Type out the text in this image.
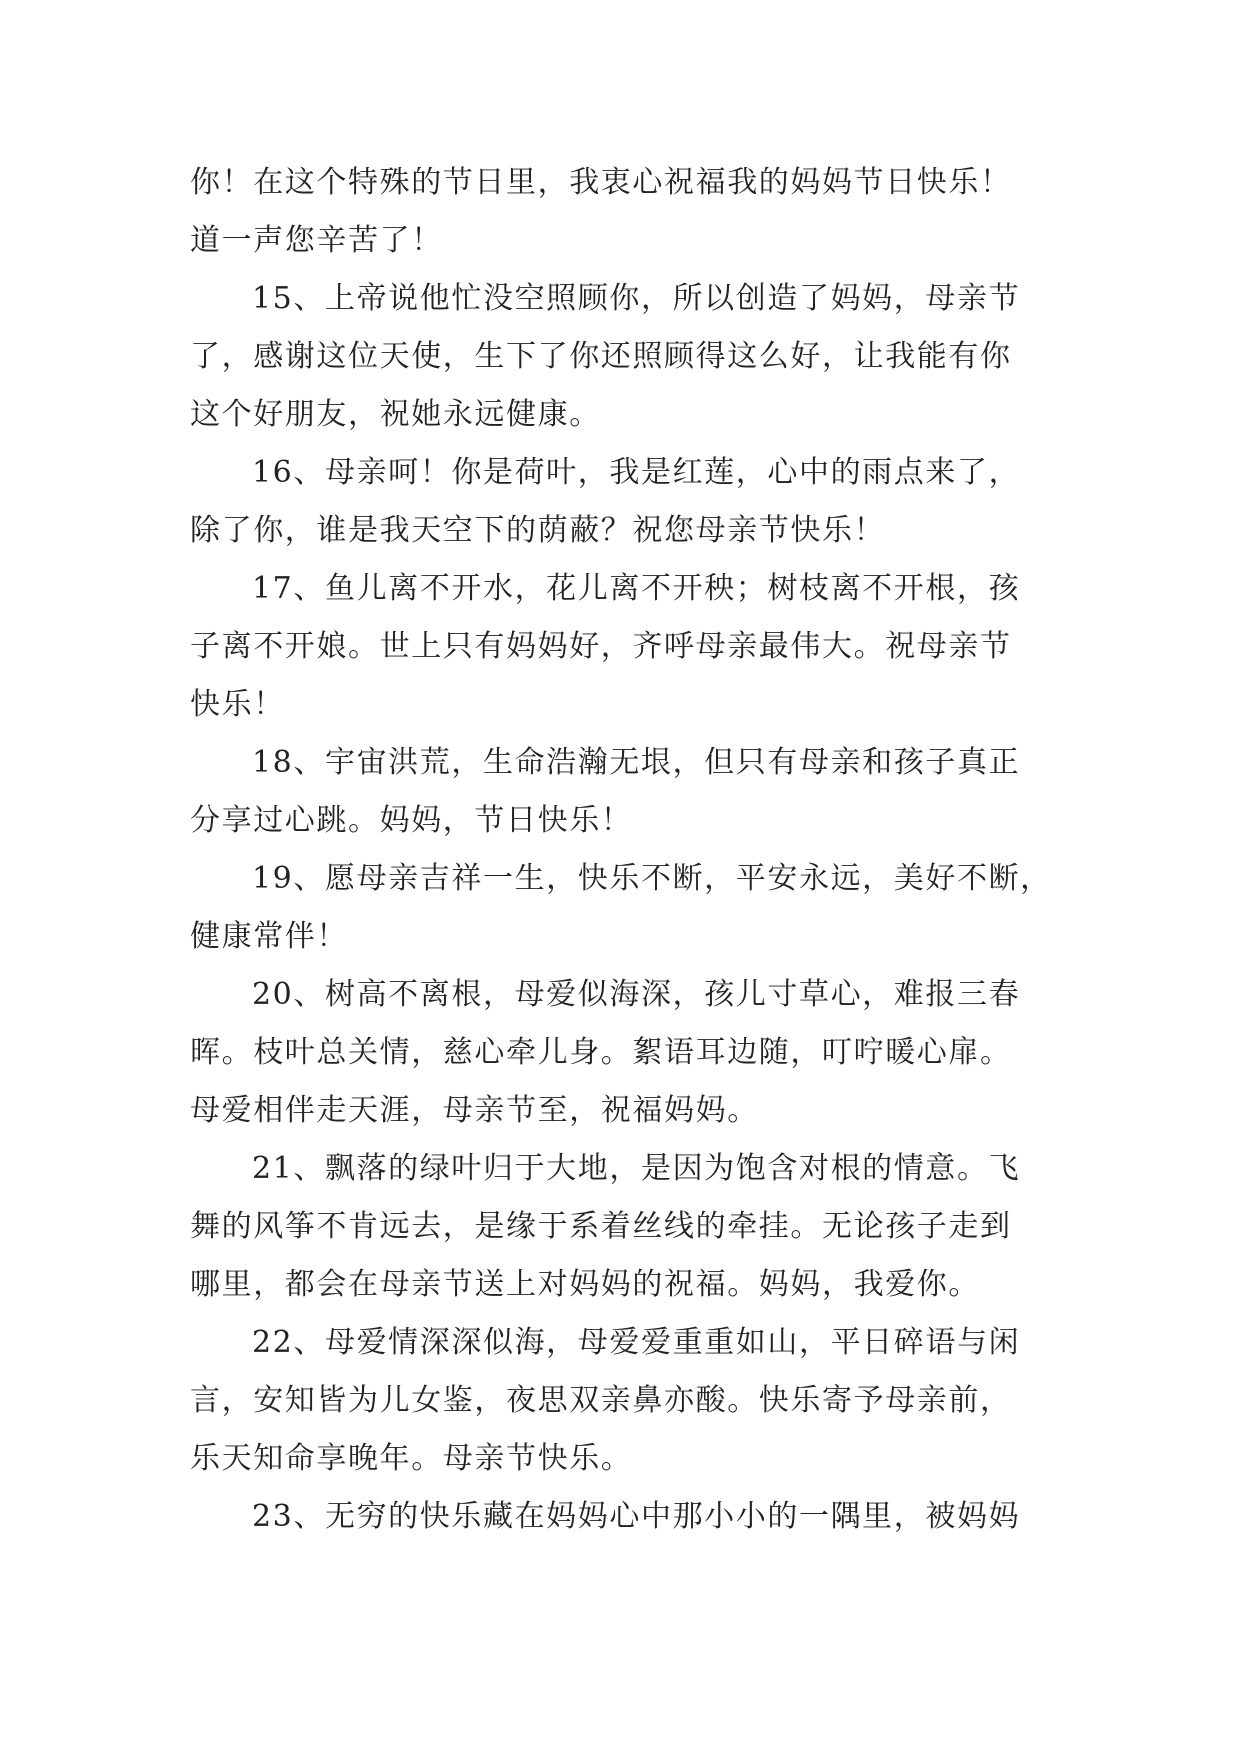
你！在这个特殊的节日里，我衷心祝福我的妈妈节日快乐！
道一声您辛苦了！
15、上帝说他忙没空照顾你，所以创造了妈妈，母亲节
了，感谢这位天使，生下了你还照顾得这么好，让我能有你
这个好朋友，祝她永远健康。
16、母亲呵！你是荷叶，我是红莲，心中的雨点来了，
除了你，谁是我天空下的荫蔽？祝您母亲节快乐！
17、鱼儿离不开水，花儿离不开秧；树枝离不开根，孩
子离不开娘。世上只有妈妈好，齐呼母亲最伟大。祝母亲节
快乐！
18、宇宙洪荒，生命浩瀚无垠，但只有母亲和孩子真正
分享过心跳。妈妈，节日快乐！
19、愿母亲吉祥一生，快乐不断，平安永远，美好不断，
健康常伴！
20、树高不离根，母爱似海深，孩儿寸草心，难报三春
晖。枝叶总关情，慈心牵儿身。絮语耳边随，叮咛暖心扉。
母爱相伴走天涯，母亲节至，祝福妈妈。
21、飘落的绿叶归于大地，是因为饱含对根的情意。飞
舞的风筝不肯远去，是缘于系着丝线的牵挂。无论孩子走到
哪里，都会在母亲节送上对妈妈的祝福。妈妈，我爱你。
22、母爱情深深似海，母爱爱重重如山，平日碎语与闲
言，安知皆为儿女鉴，夜思双亲鼻亦酸。快乐寄予母亲前，
乐天知命享晚年。母亲节快乐。
23、无穷的快乐藏在妈妈心中那小小的一隅里，被妈妈
